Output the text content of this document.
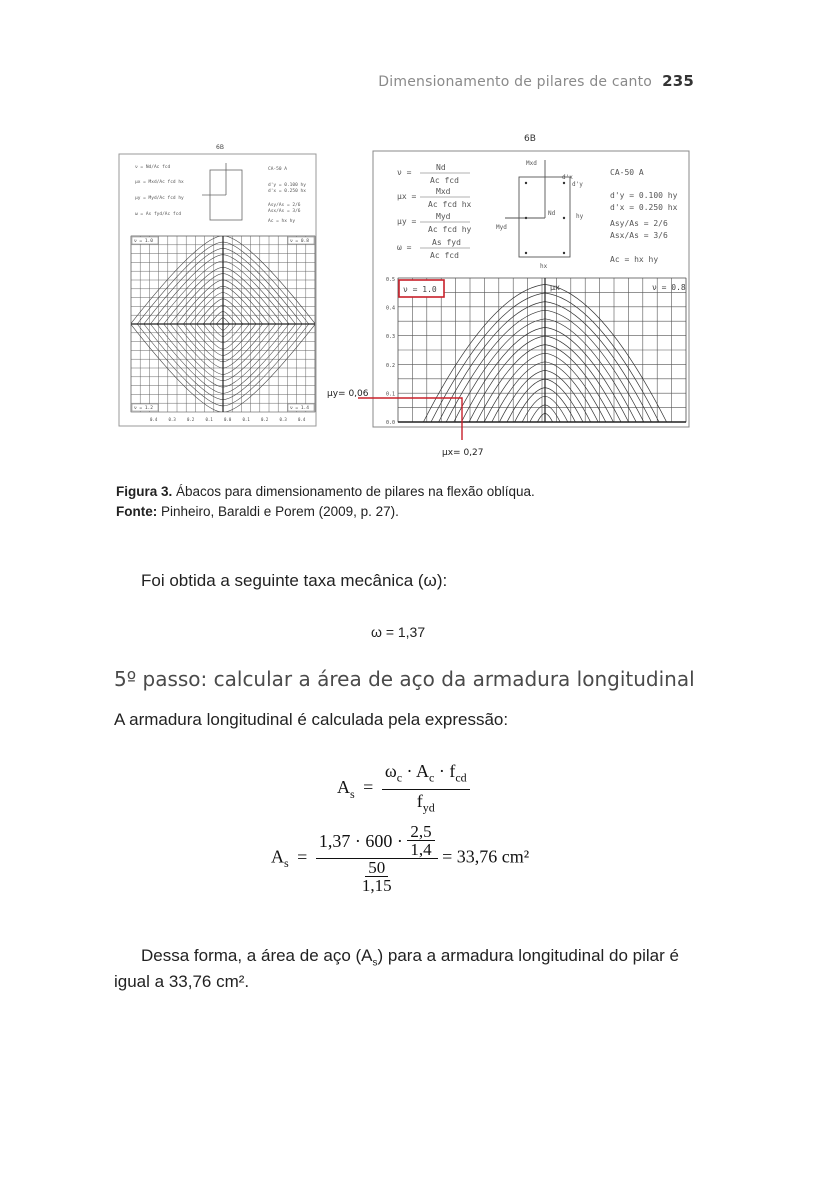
Dimensionamento de pilares de canto 235
6B
ν = Nd/Ac fcd
μx = Mxd/Ac fcd hx
μy = Myd/Ac fcd hy
ω = As fyd/Ac fcd
CA-50 A
d'y = 0.100 hy
d'x = 0.250 hx
Asy/As = 2/6
Asx/As = 3/6
Ac = hx hy
ν = 1.0	ν = 0.8
ν = 1.2	ν = 1.4
0.4	0.3	0.2	0.1	0.0	0.1	0.2	0.3	0.4
6B
ν =
Nd
Ac fcd
μx =
Mxd
Ac fcd hx
μy =
Myd
Ac fcd hy
ω =
As fyd
Ac fcd
CA-50 A
d'y = 0.100 hy
d'x = 0.250 hx
Asy/As = 2/6
Asx/As = 3/6
Ac = hx hy
Mxd
d'x
d'y
Nd	hy
Myd
hx
0.5
0.4
0.3
0.2
0.1
0.0
ν = 1.0	ν = 0.8
μx
μy= 0,06
μx= 0,27
Figura 3. Ábacos para dimensionamento de pilares na flexão oblíqua.
Fonte: Pinheiro, Baraldi e Porem (2009, p. 27).
Foi obtida a seguinte taxa mecânica (ω):
ω = 1,37
5º passo: calcular a área de aço da armadura longitudinal
A armadura longitudinal é calculada pela expressão:
$A_s = \frac{\omega_c \cdot A_c \cdot f_{cd}}{f_{yd}}$
$A_s = 1,37 \cdot 600$ ·
$\frac{2,5}{1,4}$
$\frac{50}{1,15} = 33,76$ cm²
Dessa forma, a área de aço $(A_s)$ para a armadura longitudinal do pilar é
igual a 33,76 cm².
